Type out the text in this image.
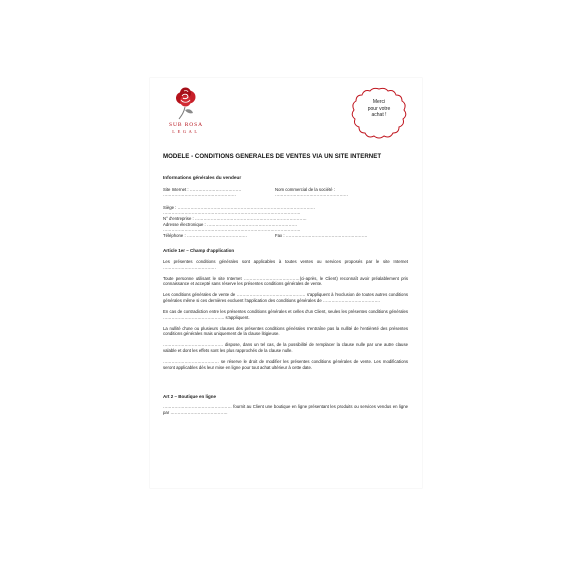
SUB ROSA
LEGAL
Merci
pour votre
achat !
MODELE - CONDITIONS GENERALES DE VENTES VIA UN SITE INTERNET
Informations générales du vendeur
Site Internet : ………………………………	Nom commercial de la société :
……………………………………………	……………………………………………
Siège : ……………………………………………………………………………………
……………………………………………………………………………………
N° d'entreprise : ……………………………………………………………………
Adresse électronique : ………………………………………………………
……………………………………………………………………………………
Téléphone : ……………………………………	Fax : …………………………………………………
Article 1er – Champ d'application
Les présentes conditions générales sont applicables à toutes ventes ou services proposés par le site Internet ……………………………….
Toute personne utilisant le site Internet …………………………………(ci-après, le Client) reconnaît avoir préalablement pris connaissance et accepté sans réserve les présentes conditions générales de vente.
Les conditions générales de vente de ………………………………………… s'appliquent à l'exclusion de toutes autres conditions générales même si ces dernières excluent l'application des conditions générales de ………………………………….
En cas de contradiction entre les présentes conditions générales et celles d'un Client, seules les présentes conditions générales ……………………………………. s'appliquent.
La nullité d'une ou plusieurs clauses des présentes conditions générales n'entraîne pas la nullité de l'entièreté des présentes conditions générales mais uniquement de la clause litigieuse.
…………………………………… dispose, dans un tel cas, de la possibilité de remplacer la clause nulle par une autre clause valable et dont les effets sont les plus rapprochés de la clause nulle.
………………………………… se réserve le droit de modifier les présentes conditions générales de vente. Les modifications seront applicables dès leur mise en ligne pour tout achat ultérieur à cette date.
Art 2 – Boutique en ligne
………………………………………… fournit au Client une boutique en ligne présentant les produits ou services vendus en ligne par ………………………………….
